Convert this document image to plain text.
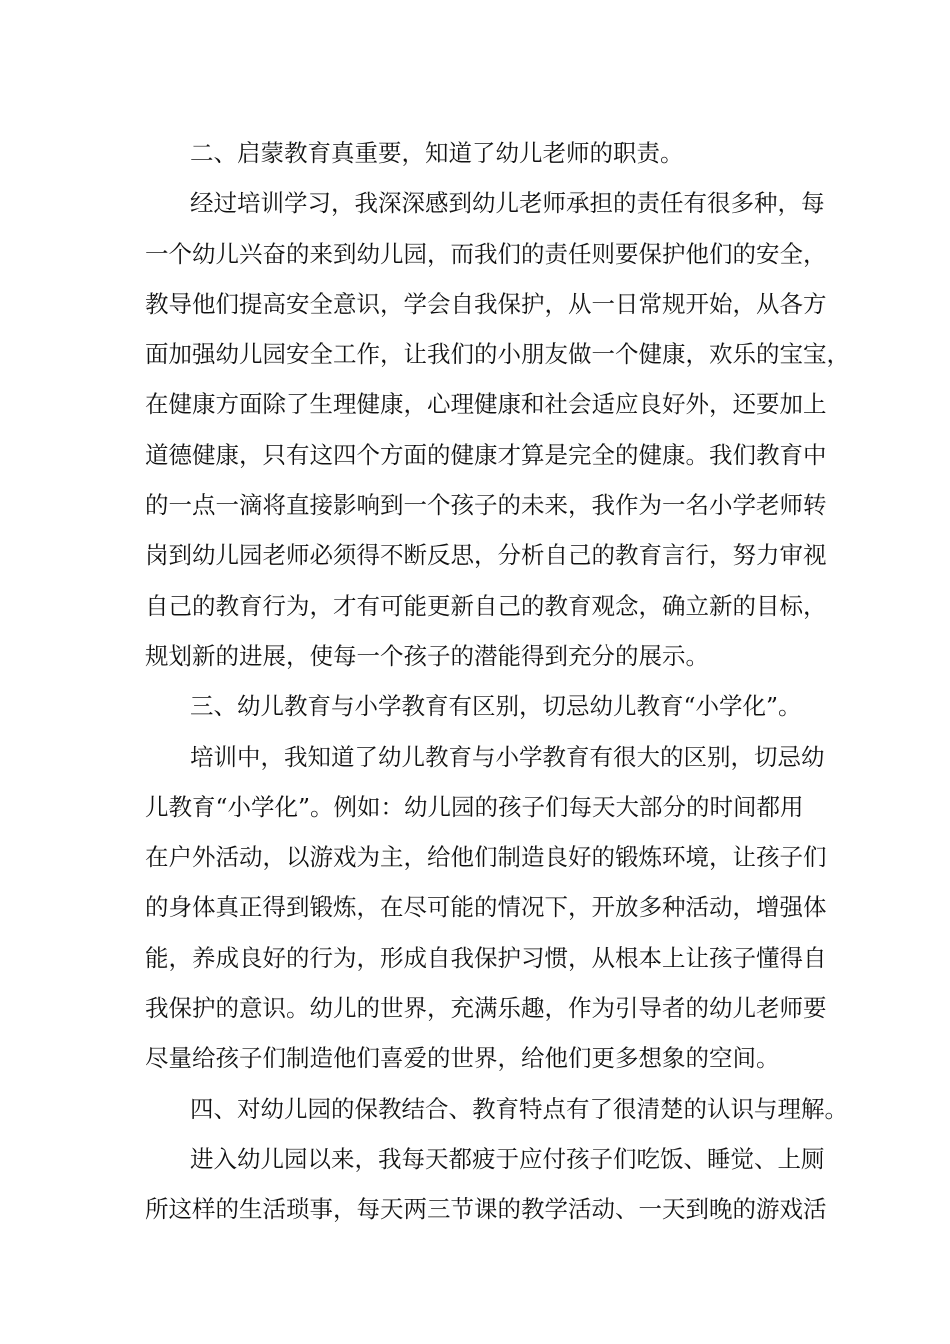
二、启蒙教育真重要，知道了幼儿老师的职责。
经过培训学习，我深深感到幼儿老师承担的责任有很多种，每
一个幼儿兴奋的来到幼儿园，而我们的责任则要保护他们的安全，
教导他们提高安全意识，学会自我保护，从一日常规开始，从各方
面加强幼儿园安全工作，让我们的小朋友做一个健康，欢乐的宝宝，
在健康方面除了生理健康，心理健康和社会适应良好外，还要加上
道德健康，只有这四个方面的健康才算是完全的健康。我们教育中
的一点一滴将直接影响到一个孩子的未来，我作为一名小学老师转
岗到幼儿园老师必须得不断反思，分析自己的教育言行，努力审视
自己的教育行为，才有可能更新自己的教育观念，确立新的目标，
规划新的进展，使每一个孩子的潜能得到充分的展示。
三、幼儿教育与小学教育有区别，切忌幼儿教育“小学化”。
培训中，我知道了幼儿教育与小学教育有很大的区别，切忌幼
儿教育“小学化”。例如：幼儿园的孩子们每天大部分的时间都用
在户外活动，以游戏为主，给他们制造良好的锻炼环境，让孩子们
的身体真正得到锻炼，在尽可能的情况下，开放多种活动，增强体
能，养成良好的行为，形成自我保护习惯，从根本上让孩子懂得自
我保护的意识。幼儿的世界，充满乐趣，作为引导者的幼儿老师要
尽量给孩子们制造他们喜爱的世界，给他们更多想象的空间。
四、对幼儿园的保教结合、教育特点有了很清楚的认识与理解。
进入幼儿园以来，我每天都疲于应付孩子们吃饭、睡觉、上厕
所这样的生活琐事，每天两三节课的教学活动、一天到晚的游戏活
